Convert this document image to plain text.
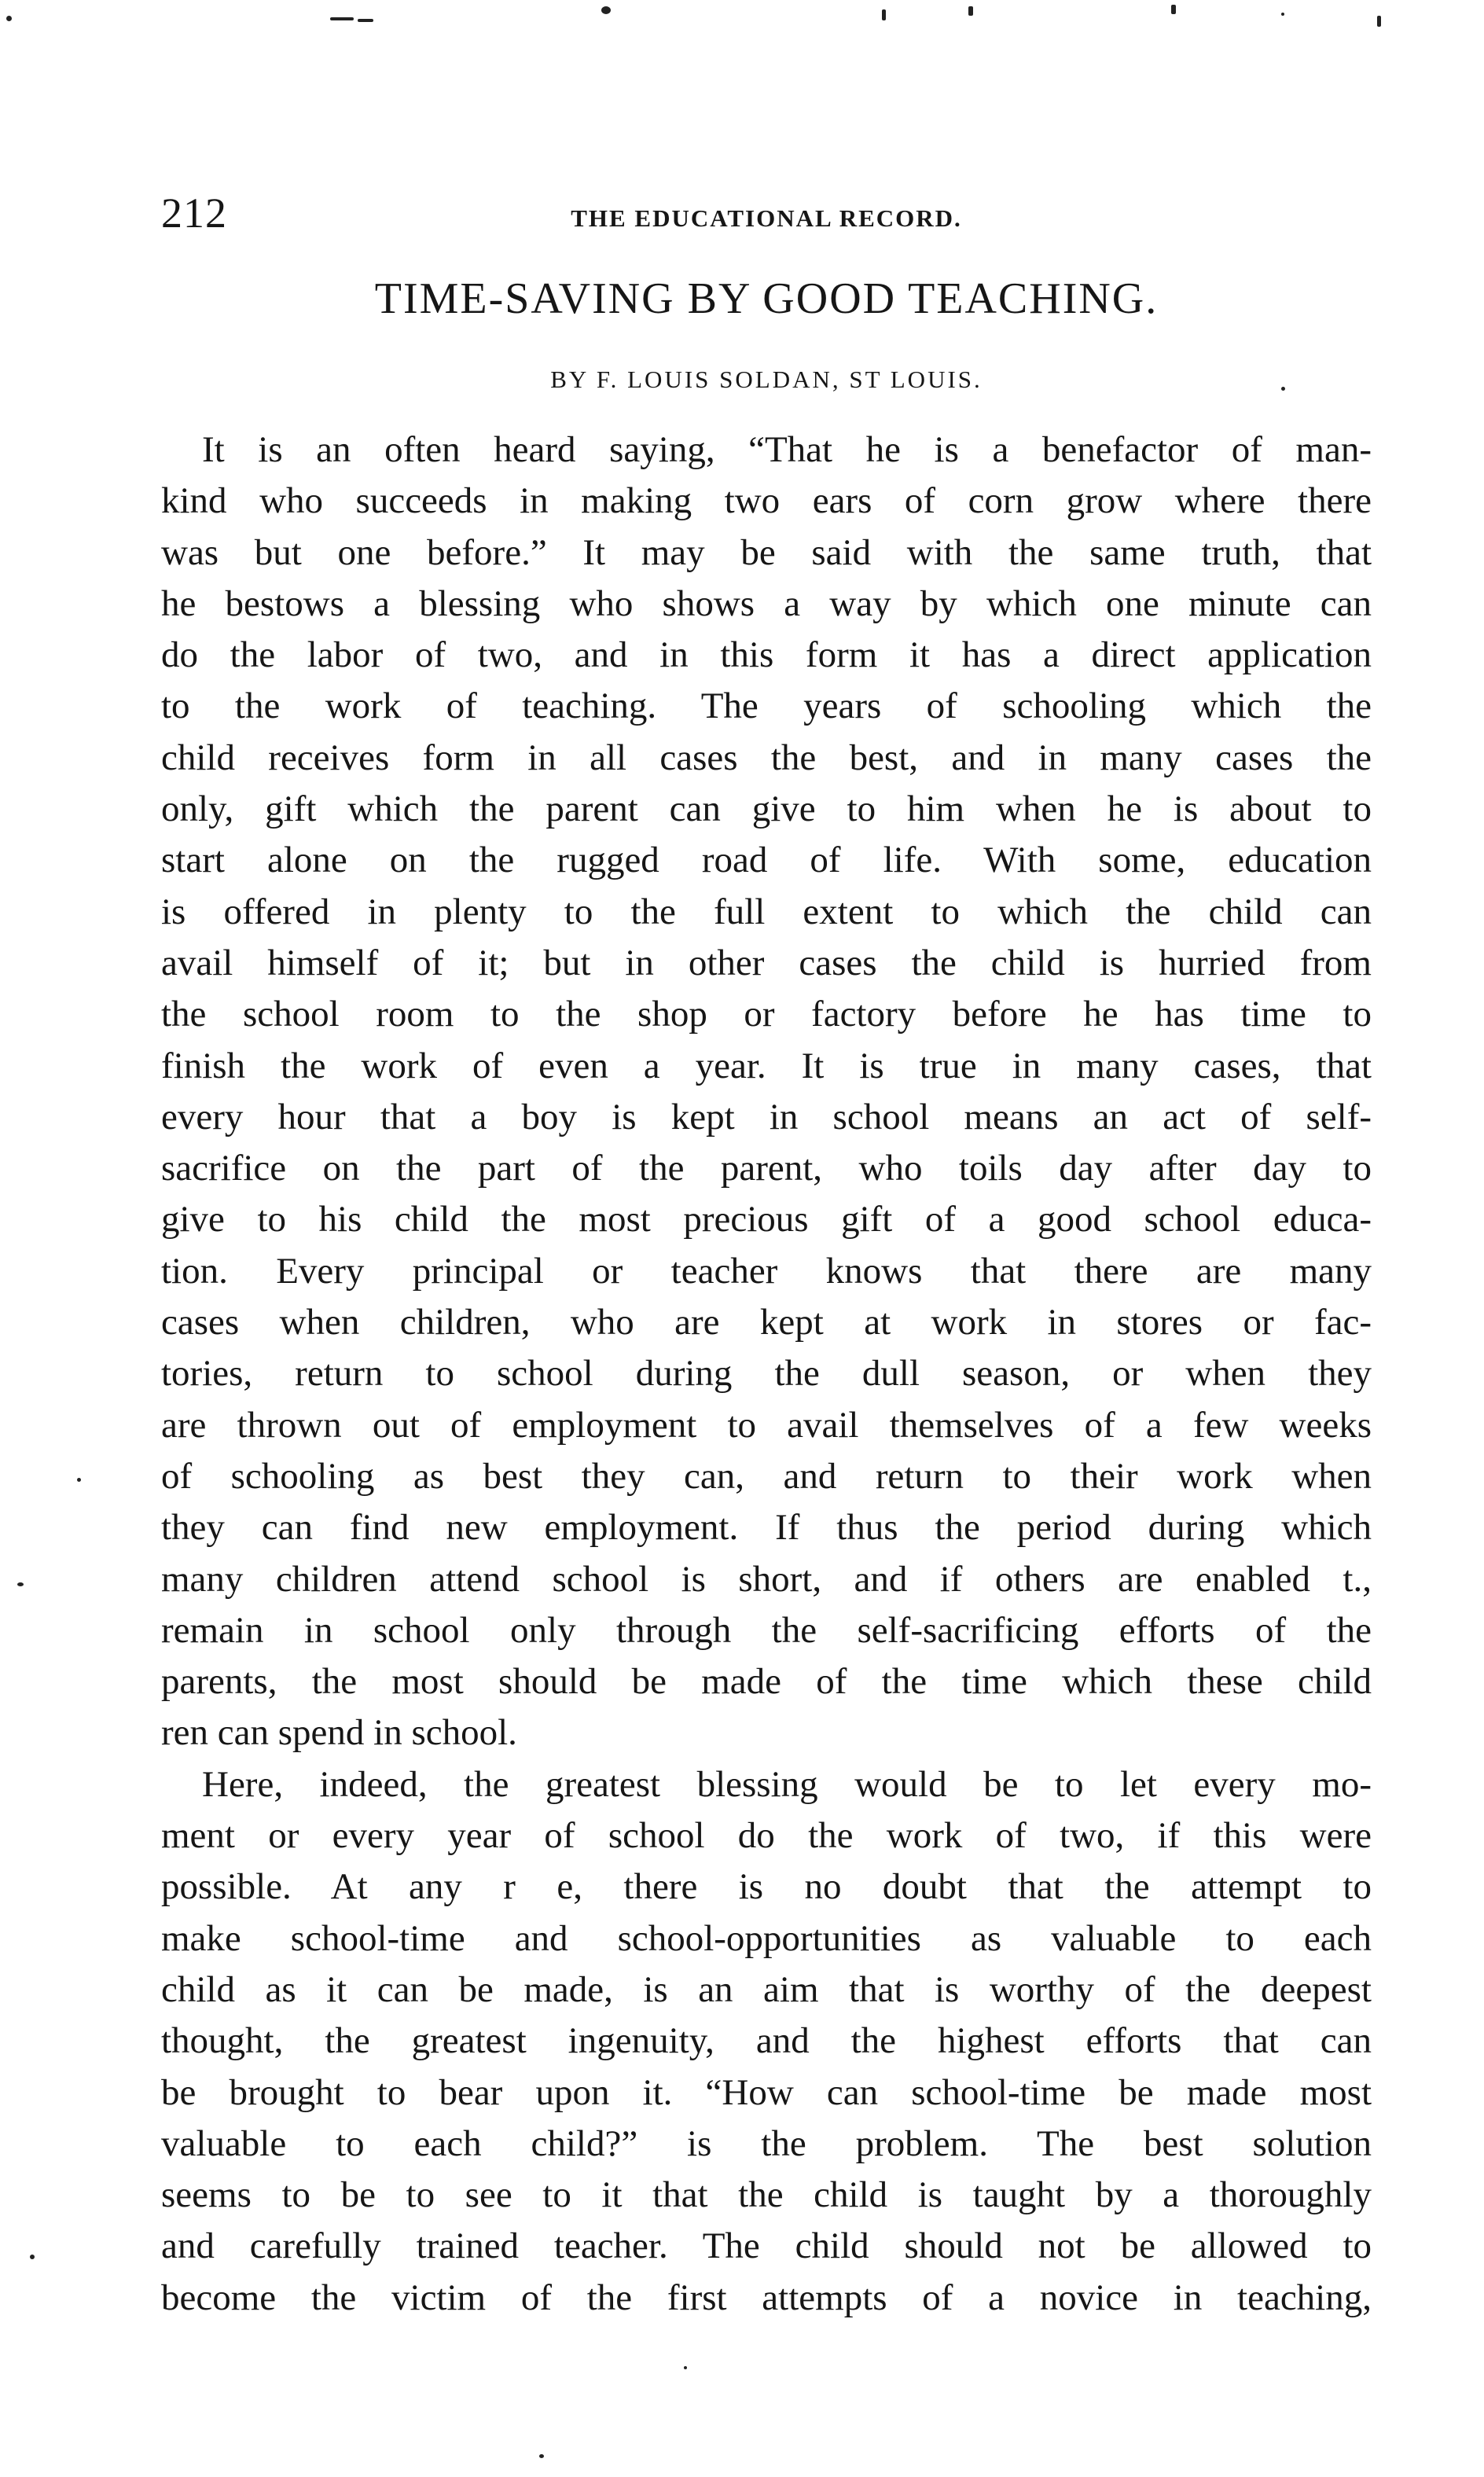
212	THE EDUCATIONAL RECORD.
TIME-SAVING BY GOOD TEACHING.
BY F. LOUIS SOLDAN, ST LOUIS.
It is an often heard saying, “That he is a benefactor of man-
kind who succeeds in making two ears of corn grow where there
was but one before.” It may be said with the same truth, that
he bestows a blessing who shows a way by which one minute can
do the labor of two, and in this form it has a direct application
to the work of teaching. The years of schooling which the
child receives form in all cases the best, and in many cases the
only, gift which the parent can give to him when he is about to
start alone on the rugged road of life. With some, education
is offered in plenty to the full extent to which the child can
avail himself of it; but in other cases the child is hurried from
the school room to the shop or factory before he has time to
finish the work of even a year. It is true in many cases, that
every hour that a boy is kept in school means an act of self-
sacrifice on the part of the parent, who toils day after day to
give to his child the most precious gift of a good school educa-
tion. Every principal or teacher knows that there are many
cases when children, who are kept at work in stores or fac-
tories, return to school during the dull season, or when they
are thrown out of employment to avail themselves of a few weeks
of schooling as best they can, and return to their work when
they can find new employment. If thus the period during which
many children attend school is short, and if others are enabled t.,
remain in school only through the self-sacrificing efforts of the
parents, the most should be made of the time which these child
ren can spend in school.
Here, indeed, the greatest blessing would be to let every mo-
ment or every year of school do the work of two, if this were
possible. At any r e, there is no doubt that the attempt to
make school-time and school-opportunities as valuable to each
child as it can be made, is an aim that is worthy of the deepest
thought, the greatest ingenuity, and the highest efforts that can
be brought to bear upon it. “How can school-time be made most
valuable to each child?” is the problem. The best solution
seems to be to see to it that the child is taught by a thoroughly
and carefully trained teacher. The child should not be allowed to
become the victim of the first attempts of a novice in teaching,
